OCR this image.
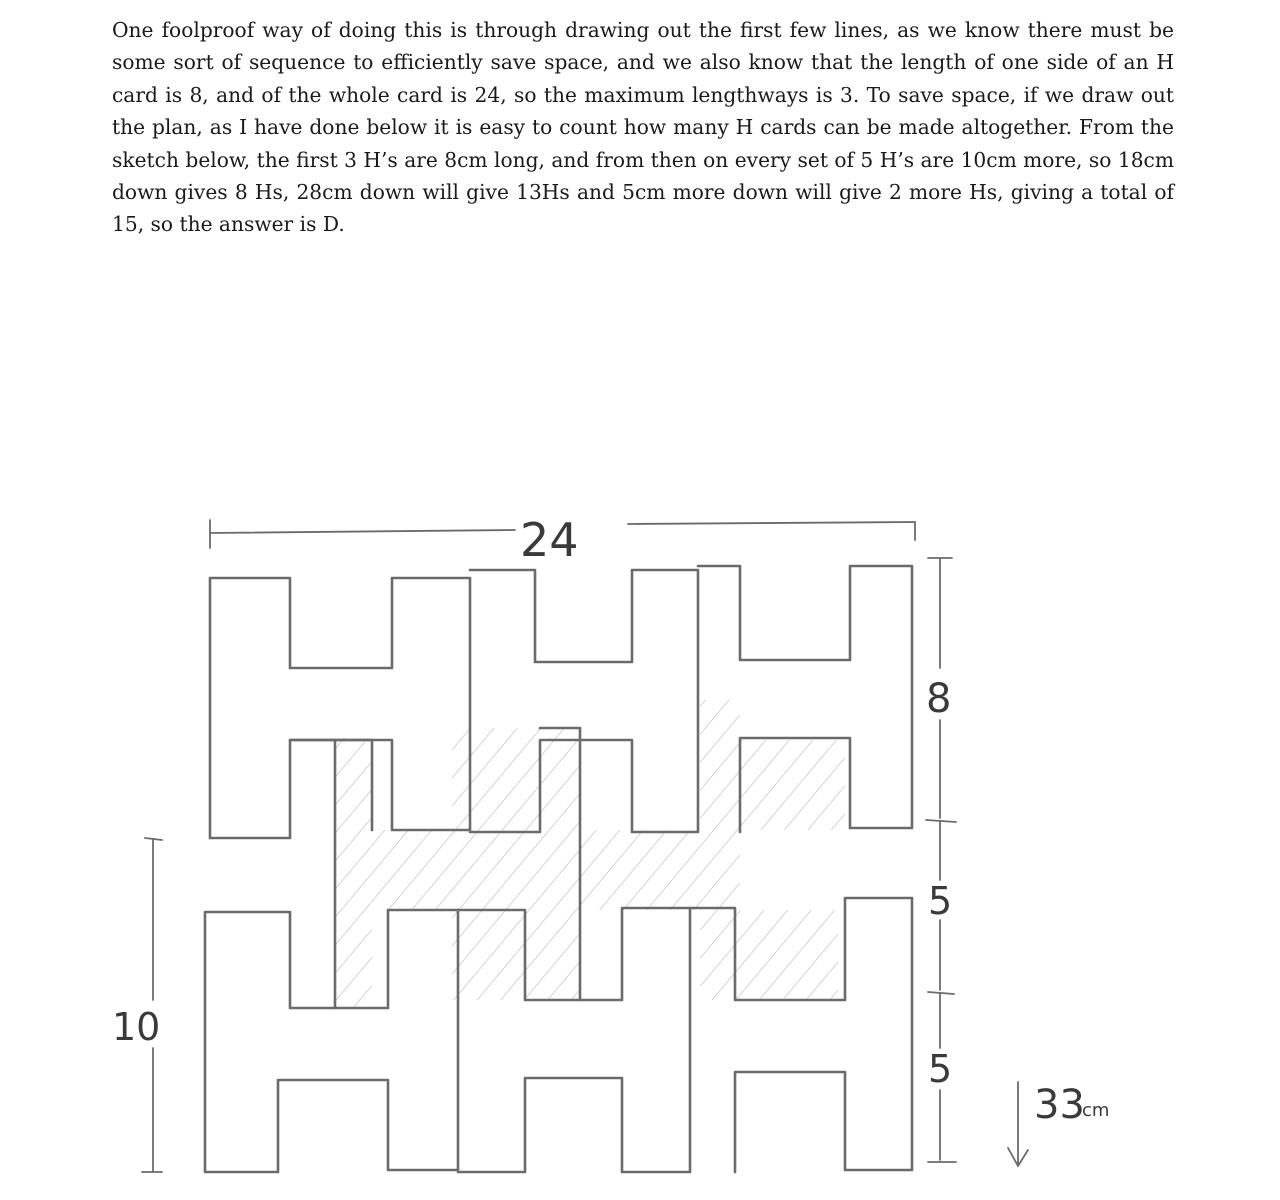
One foolproof way of doing this is through drawing out the first few lines, as we know there must be some sort of sequence to efficiently save space, and we also know that the length of one side of an H card is 8, and of the whole card is 24, so the maximum lengthways is 3. To save space, if we draw out the plan, as I have done below it is easy to count how many H cards can be made altogether. From the sketch below, the first 3 H’s are 8cm long, and from then on every set of 5 H’s are 10cm more, so 18cm down gives 8 Hs, 28cm down will give 13Hs and 5cm more down will give 2 more Hs, giving a total of 15, so the answer is D.

24
8
5
5
10
33
cm
